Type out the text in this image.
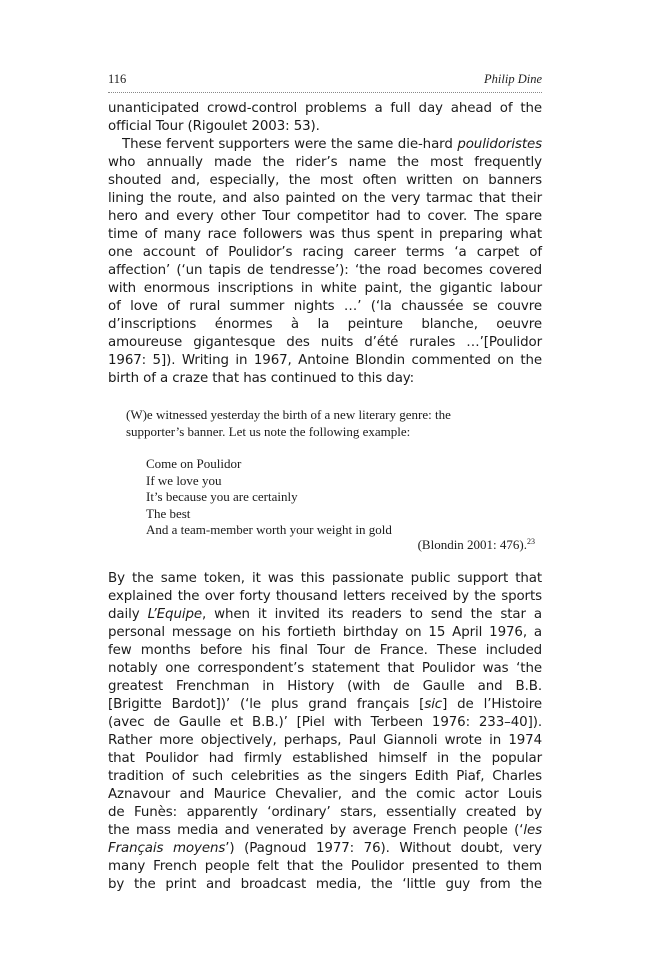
116	Philip Dine
unanticipated crowd-control problems a full day ahead of the
official Tour (Rigoulet 2003: 53).
These fervent supporters were the same die-hard poulidoristes
who annually made the rider’s name the most frequently
shouted and, especially, the most often written on banners
lining the route, and also painted on the very tarmac that their
hero and every other Tour competitor had to cover. The spare
time of many race followers was thus spent in preparing what
one account of Poulidor’s racing career terms ‘a carpet of
affection’ (‘un tapis de tendresse’): ‘the road becomes covered
with enormous inscriptions in white paint, the gigantic labour
of love of rural summer nights …’ (‘la chaussée se couvre
d’inscriptions énormes à la peinture blanche, oeuvre
amoureuse gigantesque des nuits d’été rurales …’[Poulidor
1967: 5]). Writing in 1967, Antoine Blondin commented on the
birth of a craze that has continued to this day:
(W)e witnessed yesterday the birth of a new literary genre: the
supporter’s banner. Let us note the following example:
Come on Poulidor
If we love you
It’s because you are certainly
The best
And a team-member worth your weight in gold
(Blondin 2001: 476).$^{23}$
By the same token, it was this passionate public support that
explained the over forty thousand letters received by the sports
daily L’Equipe, when it invited its readers to send the star a
personal message on his fortieth birthday on 15 April 1976, a
few months before his final Tour de France. These included
notably one correspondent’s statement that Poulidor was ‘the
greatest Frenchman in History (with de Gaulle and B.B.
[Brigitte Bardot])’ (‘le plus grand français [sic] de l’Histoire
(avec de Gaulle et B.B.)’ [Piel with Terbeen 1976: 233–40]).
Rather more objectively, perhaps, Paul Giannoli wrote in 1974
that Poulidor had firmly established himself in the popular
tradition of such celebrities as the singers Edith Piaf, Charles
Aznavour and Maurice Chevalier, and the comic actor Louis
de Funès: apparently ‘ordinary’ stars, essentially created by
the mass media and venerated by average French people (‘les
Français moyens’) (Pagnoud 1977: 76). Without doubt, very
many French people felt that the Poulidor presented to them
by the print and broadcast media, the ‘little guy from the
